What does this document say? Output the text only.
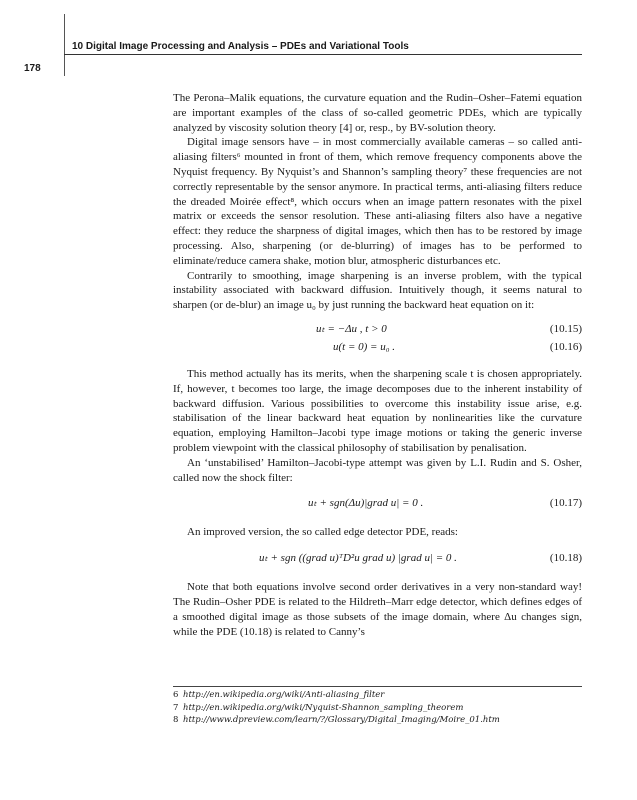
10 Digital Image Processing and Analysis – PDEs and Variational Tools
178

The Perona–Malik equations, the curvature equation and the Rudin–Osher–Fatemi equation are important examples of the class of so-called geometric PDEs, which are typically analyzed by viscosity solution theory [4] or, resp., by BV-solution theory.

Digital image sensors have – in most commercially available cameras – so called anti-aliasing filters⁶ mounted in front of them, which remove frequency components above the Nyquist frequency. By Nyquist’s and Shannon’s sampling theory⁷ these frequencies are not correctly representable by the sensor anymore. In practical terms, anti-aliasing filters reduce the dreaded Moirée effect⁸, which occurs when an image pattern resonates with the pixel matrix or exceeds the sensor resolution. These anti-aliasing filters also have a negative effect: they reduce the sharpness of digital images, which then has to be restored by image processing. Also, sharpening (or de-blurring) of images has to be performed to eliminate/reduce camera shake, motion blur, atmospheric disturbances etc.

Contrarily to smoothing, image sharpening is an inverse problem, with the typical instability associated with backward diffusion. Intuitively though, it seems natural to sharpen (or de-blur) an image u₀ by just running the backward heat equation on it:

uₜ = −Δu , t > 0	(10.15)
u(t = 0) = u₀ .	(10.16)

This method actually has its merits, when the sharpening scale t is chosen appropriately. If, however, t becomes too large, the image decomposes due to the inherent instability of backward diffusion. Various possibilities to overcome this instability issue arise, e.g. stabilisation of the linear backward heat equation by nonlinearities like the curvature equation, employing Hamilton–Jacobi type image motions or taking the generic inverse problem viewpoint with the classical philosophy of stabilisation by penalisation.

An ‘unstabilised’ Hamilton–Jacobi-type attempt was given by L.I. Rudin and S. Osher, called now the shock filter:

uₜ + sgn(Δu)|grad u| = 0 .	(10.17)

An improved version, the so called edge detector PDE, reads:

uₜ + sgn ((grad u)ᵀD²u grad u) |grad u| = 0 .	(10.18)

Note that both equations involve second order derivatives in a very non-standard way! The Rudin–Osher PDE is related to the Hildreth–Marr edge detector, which defines edges of a smoothed digital image as those subsets of the image domain, where Δu changes sign, while the PDE (10.18) is related to Canny’s

6 http://en.wikipedia.org/wiki/Anti-aliasing_filter
7 http://en.wikipedia.org/wiki/Nyquist-Shannon_sampling_theorem
8 http://www.dpreview.com/learn/?/Glossary/Digital_Imaging/Moire_01.htm
